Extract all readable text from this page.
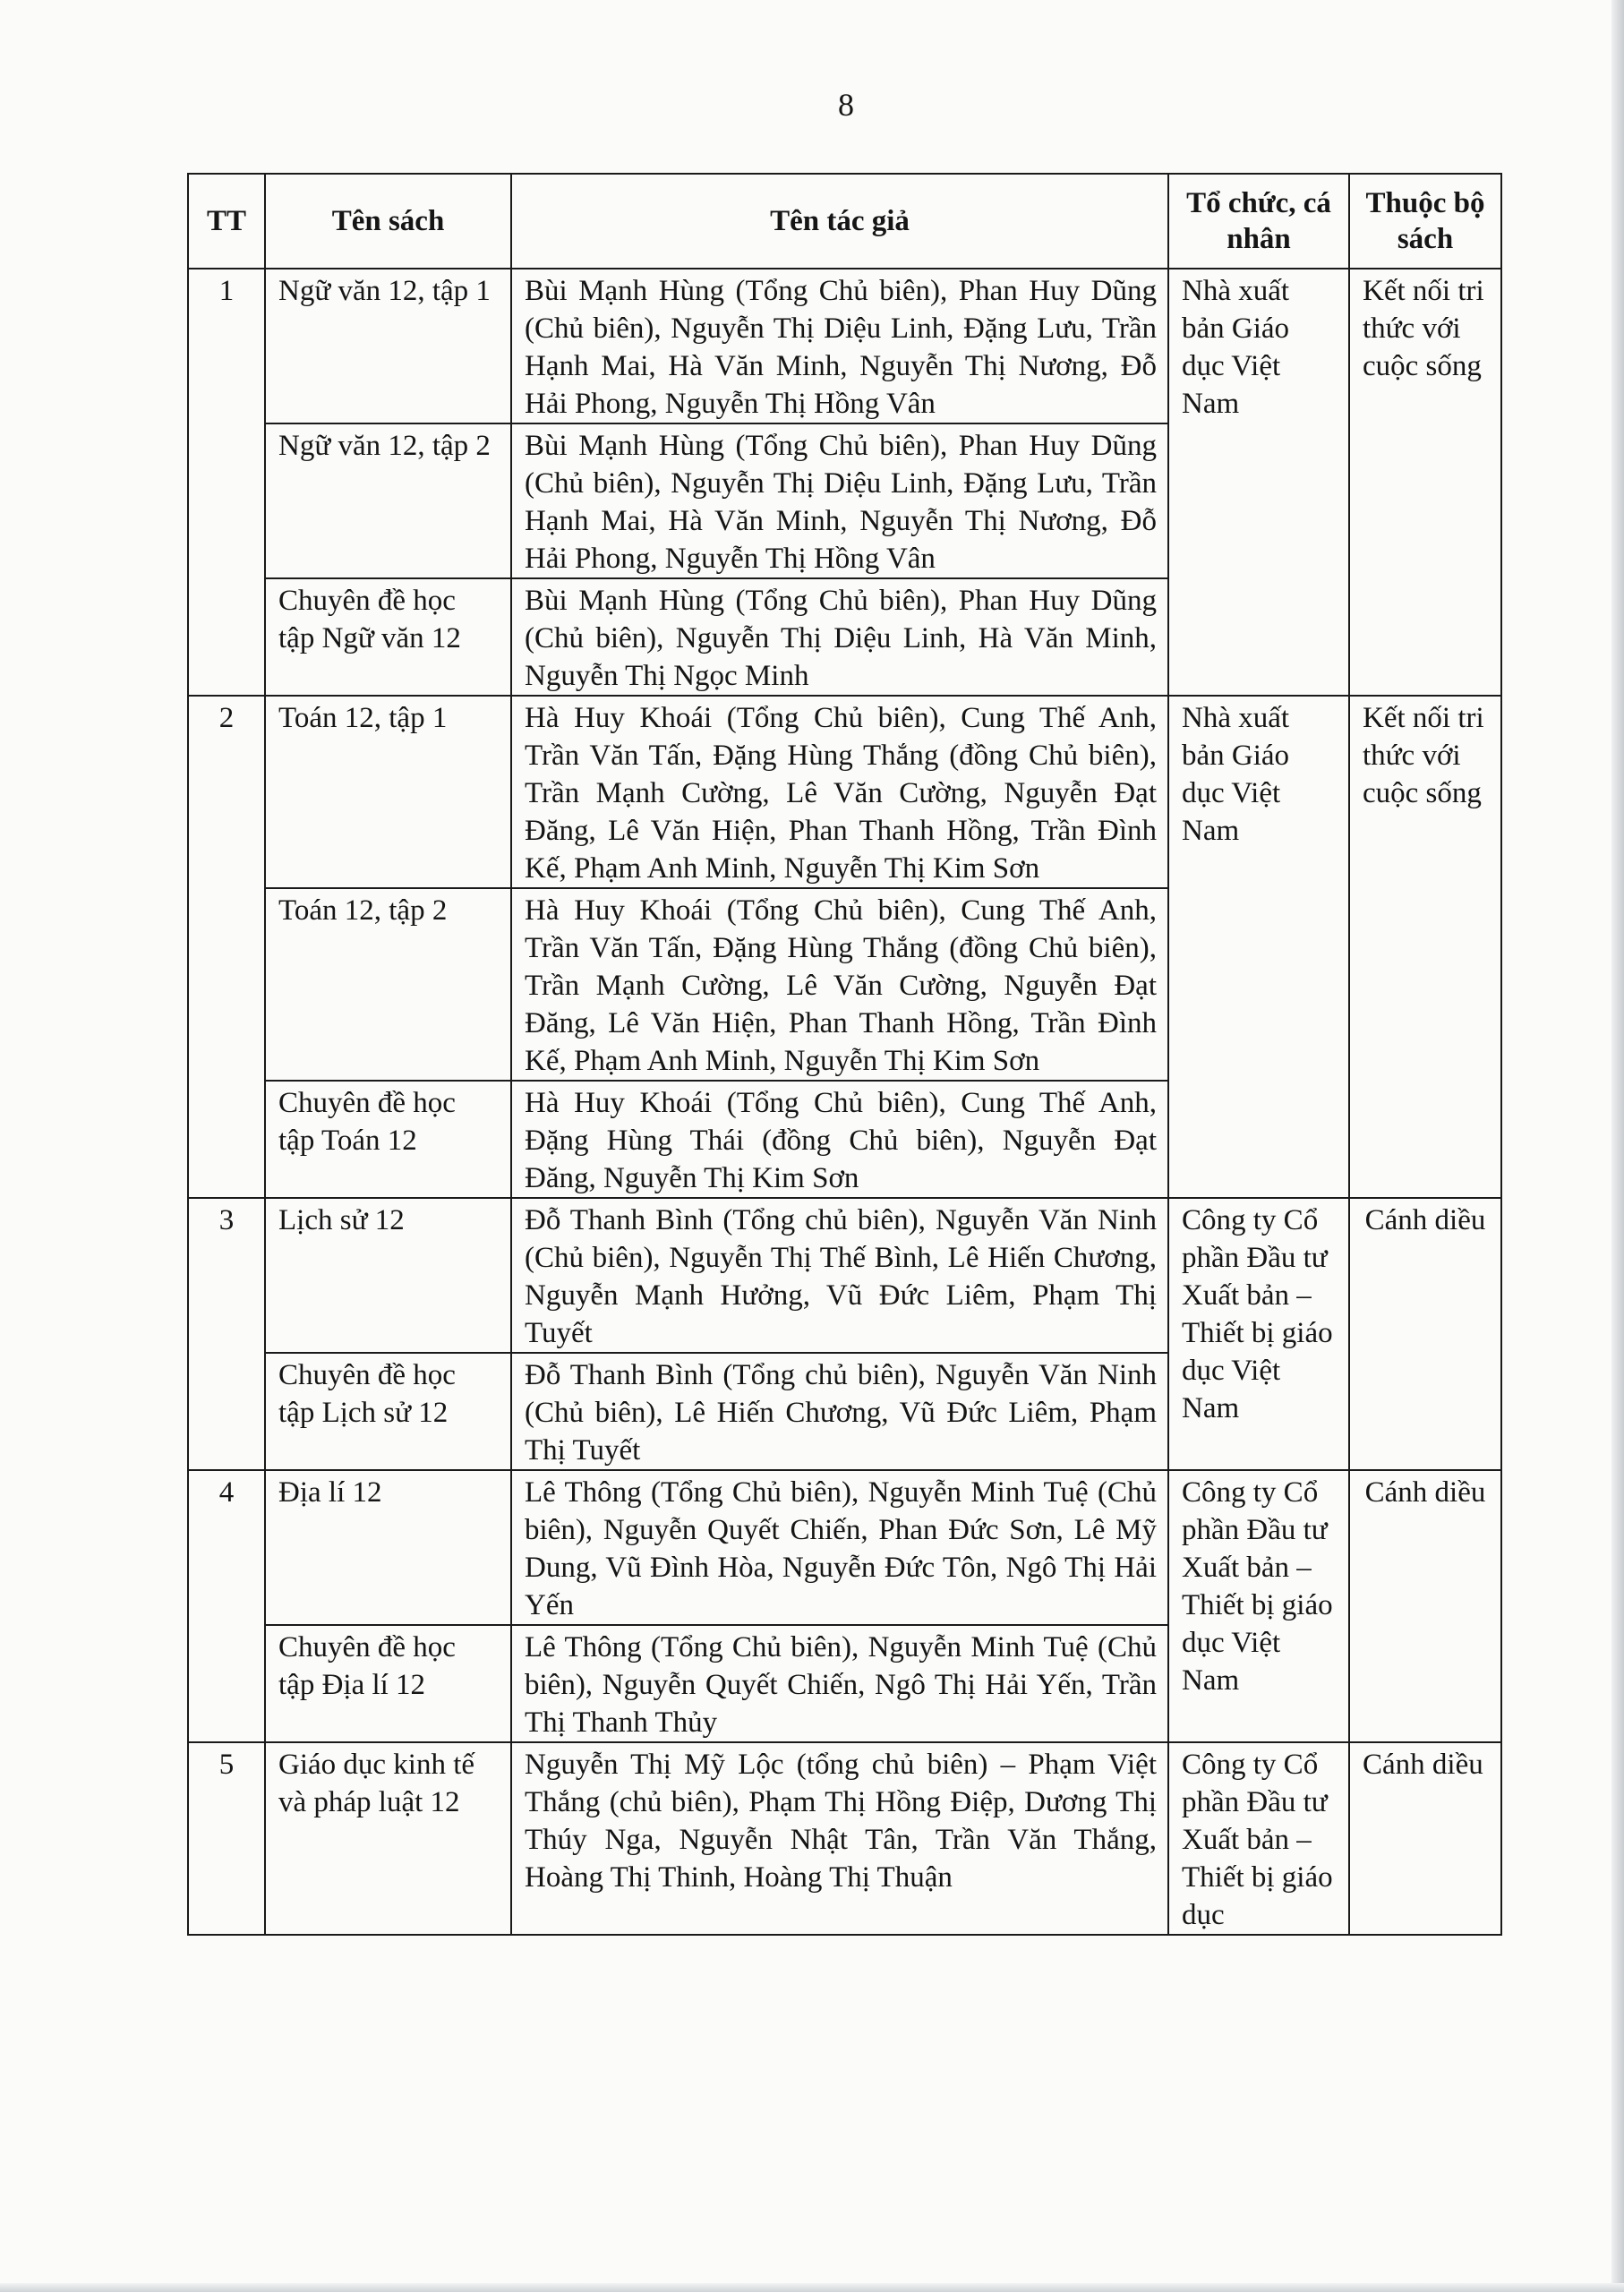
8
TT	Tên sách	Tên tác giả	Tổ chức, cá nhân	Thuộc bộ sách
1	Ngữ văn 12, tập 1	Bùi Mạnh Hùng (Tổng Chủ biên), Phan Huy Dũng (Chủ biên), Nguyễn Thị Diệu Linh, Đặng Lưu, Trần Hạnh Mai, Hà Văn Minh, Nguyễn Thị Nương, Đỗ Hải Phong, Nguyễn Thị Hồng Vân	Nhà xuất bản Giáo dục Việt Nam	Kết nối tri thức với cuộc sống
	Ngữ văn 12, tập 2	Bùi Mạnh Hùng (Tổng Chủ biên), Phan Huy Dũng (Chủ biên), Nguyễn Thị Diệu Linh, Đặng Lưu, Trần Hạnh Mai, Hà Văn Minh, Nguyễn Thị Nương, Đỗ Hải Phong, Nguyễn Thị Hồng Vân		
	Chuyên đề học tập Ngữ văn 12	Bùi Mạnh Hùng (Tổng Chủ biên), Phan Huy Dũng (Chủ biên), Nguyễn Thị Diệu Linh, Hà Văn Minh, Nguyễn Thị Ngọc Minh		
2	Toán 12, tập 1	Hà Huy Khoái (Tổng Chủ biên), Cung Thế Anh, Trần Văn Tấn, Đặng Hùng Thắng (đồng Chủ biên), Trần Mạnh Cường, Lê Văn Cường, Nguyễn Đạt Đăng, Lê Văn Hiện, Phan Thanh Hồng, Trần Đình Kế, Phạm Anh Minh, Nguyễn Thị Kim Sơn	Nhà xuất bản Giáo dục Việt Nam	Kết nối tri thức với cuộc sống
	Toán 12, tập 2	Hà Huy Khoái (Tổng Chủ biên), Cung Thế Anh, Trần Văn Tấn, Đặng Hùng Thắng (đồng Chủ biên), Trần Mạnh Cường, Lê Văn Cường, Nguyễn Đạt Đăng, Lê Văn Hiện, Phan Thanh Hồng, Trần Đình Kế, Phạm Anh Minh, Nguyễn Thị Kim Sơn		
	Chuyên đề học tập Toán 12	Hà Huy Khoái (Tổng Chủ biên), Cung Thế Anh, Đặng Hùng Thái (đồng Chủ biên), Nguyễn Đạt Đăng, Nguyễn Thị Kim Sơn		
3	Lịch sử 12	Đỗ Thanh Bình (Tổng chủ biên), Nguyễn Văn Ninh (Chủ biên), Nguyễn Thị Thế Bình, Lê Hiến Chương, Nguyễn Mạnh Hưởng, Vũ Đức Liêm, Phạm Thị Tuyết	Công ty Cổ phần Đầu tư Xuất bản – Thiết bị giáo dục Việt Nam	Cánh diều
	Chuyên đề học tập Lịch sử 12	Đỗ Thanh Bình (Tổng chủ biên), Nguyễn Văn Ninh (Chủ biên), Lê Hiến Chương, Vũ Đức Liêm, Phạm Thị Tuyết		
4	Địa lí 12	Lê Thông (Tổng Chủ biên), Nguyễn Minh Tuệ (Chủ biên), Nguyễn Quyết Chiến, Phan Đức Sơn, Lê Mỹ Dung, Vũ Đình Hòa, Nguyễn Đức Tôn, Ngô Thị Hải Yến	Công ty Cổ phần Đầu tư Xuất bản – Thiết bị giáo dục Việt Nam	Cánh diều
	Chuyên đề học tập Địa lí 12	Lê Thông (Tổng Chủ biên), Nguyễn Minh Tuệ (Chủ biên), Nguyễn Quyết Chiến, Ngô Thị Hải Yến, Trần Thị Thanh Thủy		
5	Giáo dục kinh tế và pháp luật 12	Nguyễn Thị Mỹ Lộc (tổng chủ biên) – Phạm Việt Thắng (chủ biên), Phạm Thị Hồng Điệp, Dương Thị Thúy Nga, Nguyễn Nhật Tân, Trần Văn Thắng, Hoàng Thị Thinh, Hoàng Thị Thuận	Công ty Cổ phần Đầu tư Xuất bản – Thiết bị giáo dục	Cánh diều
